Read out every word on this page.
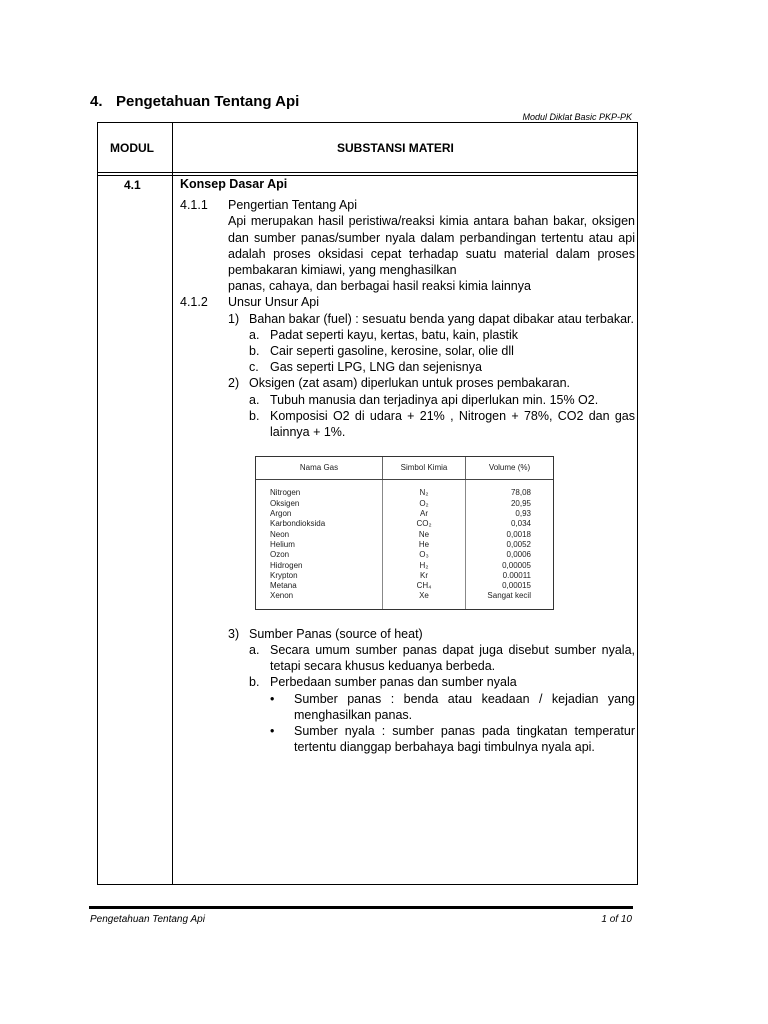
4. Pengetahuan Tentang Api
Modul Diklat Basic PKP-PK
MODUL	SUBSTANSI MATERI
4.1	Konsep Dasar Api
4.1.1	Pengertian Tentang Api
Api merupakan hasil peristiwa/reaksi kimia antara bahan bakar, oksigen dan sumber panas/sumber nyala dalam perbandingan tertentu atau api adalah proses oksidasi cepat terhadap suatu material dalam proses pembakaran kimiawi, yang menghasilkan
panas, cahaya, dan berbagai hasil reaksi kimia lainnya
4.1.2	Unsur Unsur Api
1) Bahan bakar (fuel) : sesuatu benda yang dapat dibakar atau terbakar.
a. Padat seperti kayu, kertas, batu, kain, plastik
b. Cair seperti gasoline, kerosine, solar, olie dll
c. Gas seperti LPG, LNG dan sejenisnya
2) Oksigen (zat asam) diperlukan untuk proses pembakaran.
a. Tubuh manusia dan terjadinya api diperlukan min. 15% O2.
b. Komposisi O2 di udara + 21% , Nitrogen + 78%, CO2 dan gas lainnya + 1%.
Nama Gas	Simbol Kimia	Volume (%)
Nitrogen	N₂	78,08
Oksigen	O₂	20,95
Argon	Ar	0,93
Karbondioksida	CO₂	0,034
Neon	Ne	0,0018
Helium	He	0,0052
Ozon	O₃	0,0006
Hidrogen	H₂	0,00005
Krypton	Kr	0.00011
Metana	CH₄	0,00015
Xenon	Xe	Sangat kecil
3) Sumber Panas (source of heat)
a. Secara umum sumber panas dapat juga disebut sumber nyala, tetapi secara khusus keduanya berbeda.
b. Perbedaan sumber panas dan sumber nyala
•	Sumber panas : benda atau keadaan / kejadian yang menghasilkan panas.
•	Sumber nyala : sumber panas pada tingkatan temperatur tertentu dianggap berbahaya bagi timbulnya nyala api.
Pengetahuan Tentang Api	1 of 10
